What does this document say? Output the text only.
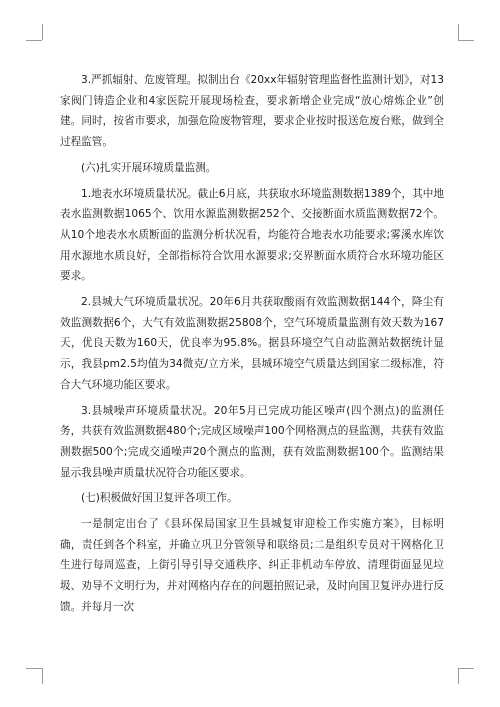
3.严抓辐射、危废管理。拟制出台《20xx年辐射管理监督性监测计划》，对13家阀门铸造企业和4家医院开展现场检查，要求新增企业完成“放心熔炼企业”创建。同时，按省市要求，加强危险废物管理，要求企业按时报送危废台账，做到全过程监管。

(六)扎实开展环境质量监测。

1.地表水环境质量状况。截止6月底，共获取水环境监测数据1389个，其中地表水监测数据1065个、饮用水源监测数据252个、交接断面水质监测数据72个。从10个地表水水质断面的监测分析状况看，均能符合地表水功能要求;雾溪水库饮用水源地水质良好，全部指标符合饮用水源要求;交界断面水质符合水环境功能区要求。

2.县城大气环境质量状况。20年6月共获取酸雨有效监测数据144个，降尘有效监测数据6个，大气有效监测数据25808个，空气环境质量监测有效天数为167天，优良天数为160天，优良率为95.8%。据县环境空气自动监测站数据统计显示，我县pm2.5均值为34微克/立方米，县城环境空气质量达到国家二级标准，符合大气环境功能区要求。

3.县城噪声环境质量状况。20年5月已完成功能区噪声(四个测点)的监测任务，共获有效监测数据480个;完成区域噪声100个网格测点的昼监测，共获有效监测数据500个;完成交通噪声20个测点的监测，获有效监测数据100个。监测结果显示我县噪声质量状况符合功能区要求。

(七)积极做好国卫复评各项工作。

一是制定出台了《县环保局国家卫生县城复审迎检工作实施方案》，目标明确，责任到各个科室，并确立巩卫分管领导和联络员;二是组织专员对干网格化卫生进行每周巡查，上街引导引导交通秩序、纠正非机动车停放、清理街面显见垃圾、劝导不文明行为，并对网格内存在的问题拍照记录，及时向国卫复评办进行反馈。并每月一次
